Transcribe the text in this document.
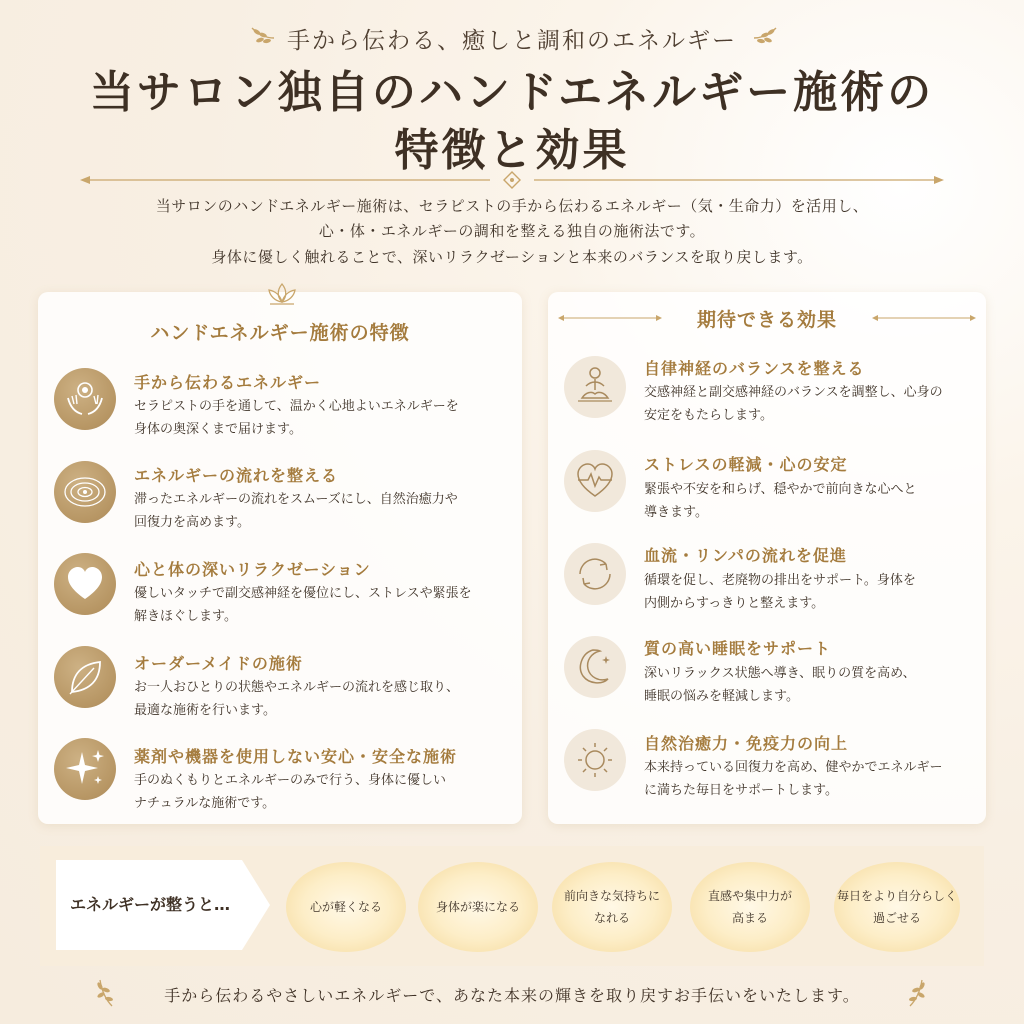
手から伝わる、癒しと調和のエネルギー
当サロン独自のハンドエネルギー施術の
特徴と効果
当サロンのハンドエネルギー施術は、セラピストの手から伝わるエネルギー（気・生命力）を活用し、
心・体・エネルギーの調和を整える独自の施術法です。
身体に優しく触れることで、深いリラクゼーションと本来のバランスを取り戻します。
ハンドエネルギー施術の特徴
手から伝わるエネルギー
セラピストの手を通して、温かく心地よいエネルギーを
身体の奥深くまで届けます。
エネルギーの流れを整える
滞ったエネルギーの流れをスムーズにし、自然治癒力や
回復力を高めます。
心と体の深いリラクゼーション
優しいタッチで副交感神経を優位にし、ストレスや緊張を
解きほぐします。
オーダーメイドの施術
お一人おひとりの状態やエネルギーの流れを感じ取り、
最適な施術を行います。
薬剤や機器を使用しない安心・安全な施術
手のぬくもりとエネルギーのみで行う、身体に優しい
ナチュラルな施術です。
期待できる効果
自律神経のバランスを整える
交感神経と副交感神経のバランスを調整し、心身の
安定をもたらします。
ストレスの軽減・心の安定
緊張や不安を和らげ、穏やかで前向きな心へと
導きます。
血流・リンパの流れを促進
循環を促し、老廃物の排出をサポート。身体を
内側からすっきりと整えます。
質の高い睡眠をサポート
深いリラックス状態へ導き、眠りの質を高め、
睡眠の悩みを軽減します。
自然治癒力・免疫力の向上
本来持っている回復力を高め、健やかでエネルギー
に満ちた毎日をサポートします。
エネルギーが整うと…	心が軽くなる	身体が楽になる
前向きな気持ちに
なれる
直感や集中力が
高まる
毎日をより自分らしく
過ごせる
手から伝わるやさしいエネルギーで、あなた本来の輝きを取り戻すお手伝いをいたします。
